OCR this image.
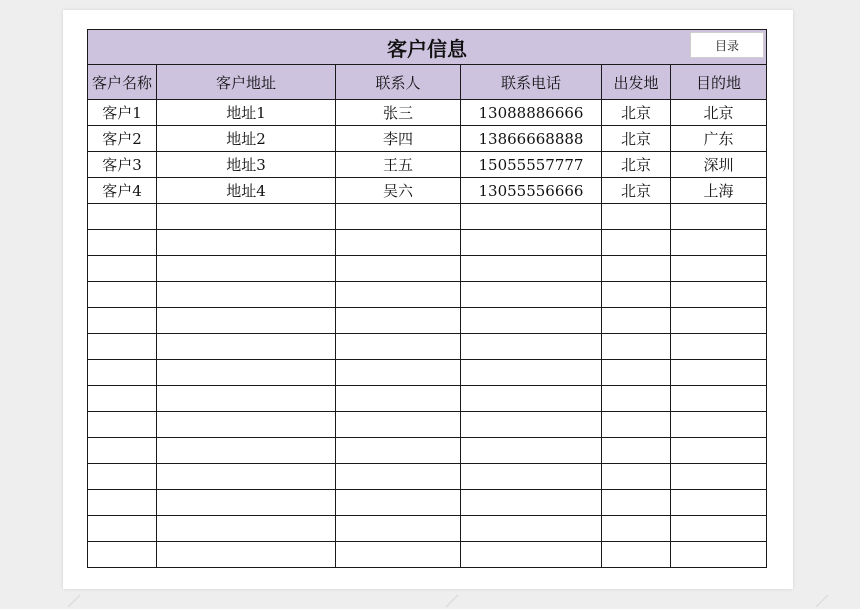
客户信息 目录					

客户名称	客户地址	联系人	联系电话	出发地	目的地
客户1	地址1	张三	13088886666	北京	北京
客户2	地址2	李四	13866668888	北京	广东
客户3	地址3	王五	15055557777	北京	深圳
客户4	地址4	吴六	13055556666	北京	上海
